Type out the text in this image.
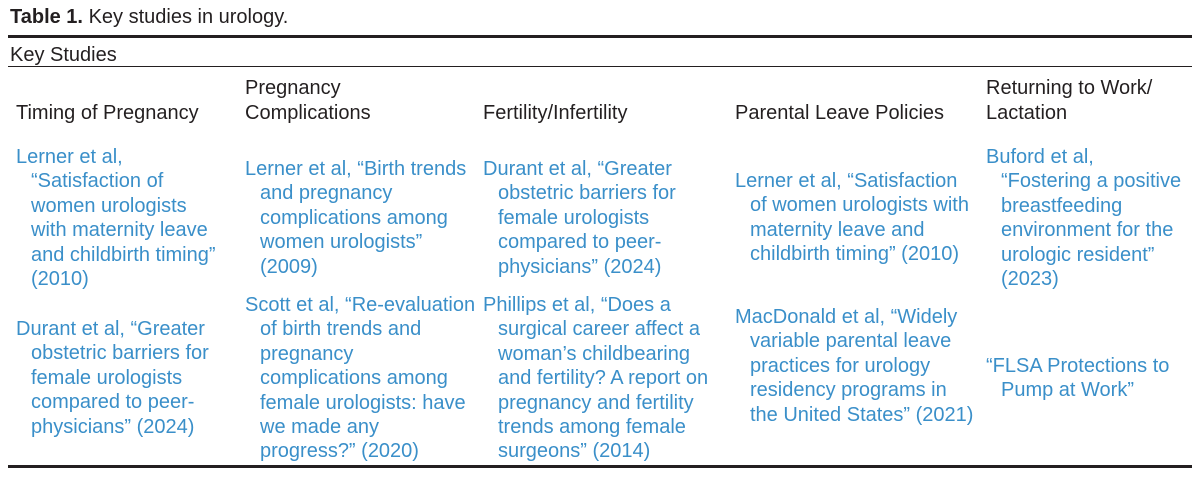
Table 1. Key studies in urology.
Key Studies
Timing of Pregnancy
Pregnancy Complications	Fertility/Infertility	Parental Leave Policies
Returning to Work/ Lactation
Lerner et al, “Satisfaction of women urologists with maternity leave and childbirth timing” (2010)
Durant et al, “Greater obstetric barriers for female urologists compared to peer-physicians” (2024)
Lerner et al, “Birth trends and pregnancy complications among women urologists” (2009)
Scott et al, “Re-evaluation of birth trends and pregnancy complications among female urologists: have we made any progress?” (2020)
Durant et al, “Greater obstetric barriers for female urologists compared to peer-physicians” (2024)
Phillips et al, “Does a surgical career affect a woman’s childbearing and fertility? A report on pregnancy and fertility trends among female surgeons” (2014)
Lerner et al, “Satisfaction of women urologists with maternity leave and childbirth timing” (2010)
MacDonald et al, “Widely variable parental leave practices for urology residency programs in the United States” (2021)
Buford et al, “Fostering a positive breastfeeding environment for the urologic resident” (2023)
“FLSA Protections to Pump at Work”
